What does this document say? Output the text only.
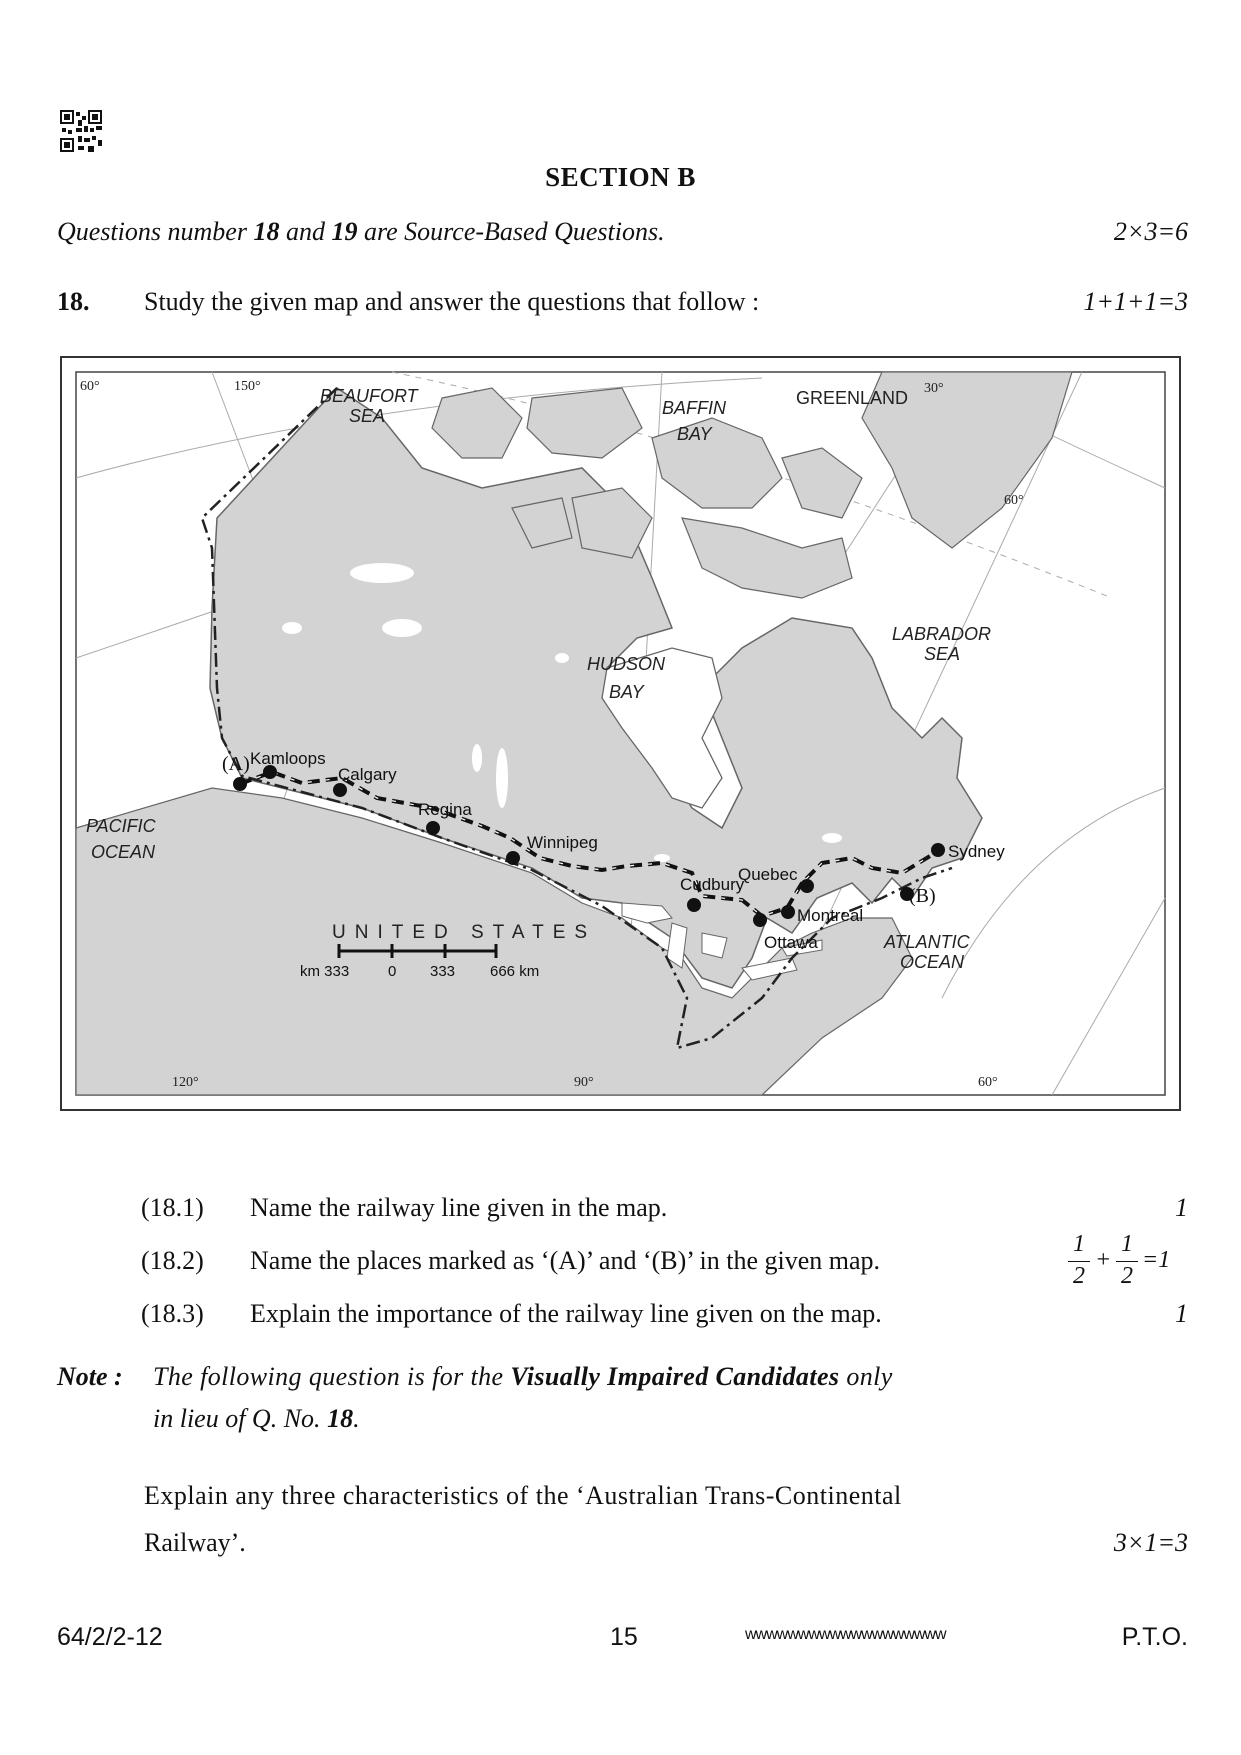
SECTION B
Questions number 18 and 19 are Source-Based Questions.	2×3=6
18. Study the given map and answer the questions that follow :	1+1+1=3
BEAUFORT
SEA	BAFFIN
BAY
HUDSON
BAY
LABRADOR
SEA
PACIFIC
OCEAN
ATLANTIC
OCEAN
GREENLAND
UNITED STATES
60°	150°	30°
60°
120°	90°	60°
Kamloops
Calgary
Regina
Winnipeg
Cudbury
Quebec
Montreal
Ottawa
Sydney
(A)
(B)
km 333	0 333 666 km
(18.1) Name the railway line given in the map.	1
(18.2) Name the places marked as ‘(A)’ and ‘(B)’ in the given map.
1
2
+
1
2
=1
(18.3) Explain the importance of the railway line given on the map.	1
Note : The following question is for the Visually Impaired Candidates only
in lieu of Q. No. 18.
Explain any three characteristics of the ‘Australian Trans-Continental
Railway’.	3×1=3
64/2/2-12	15	wwwwwwwwwwwwwwwwwww	P.T.O.
